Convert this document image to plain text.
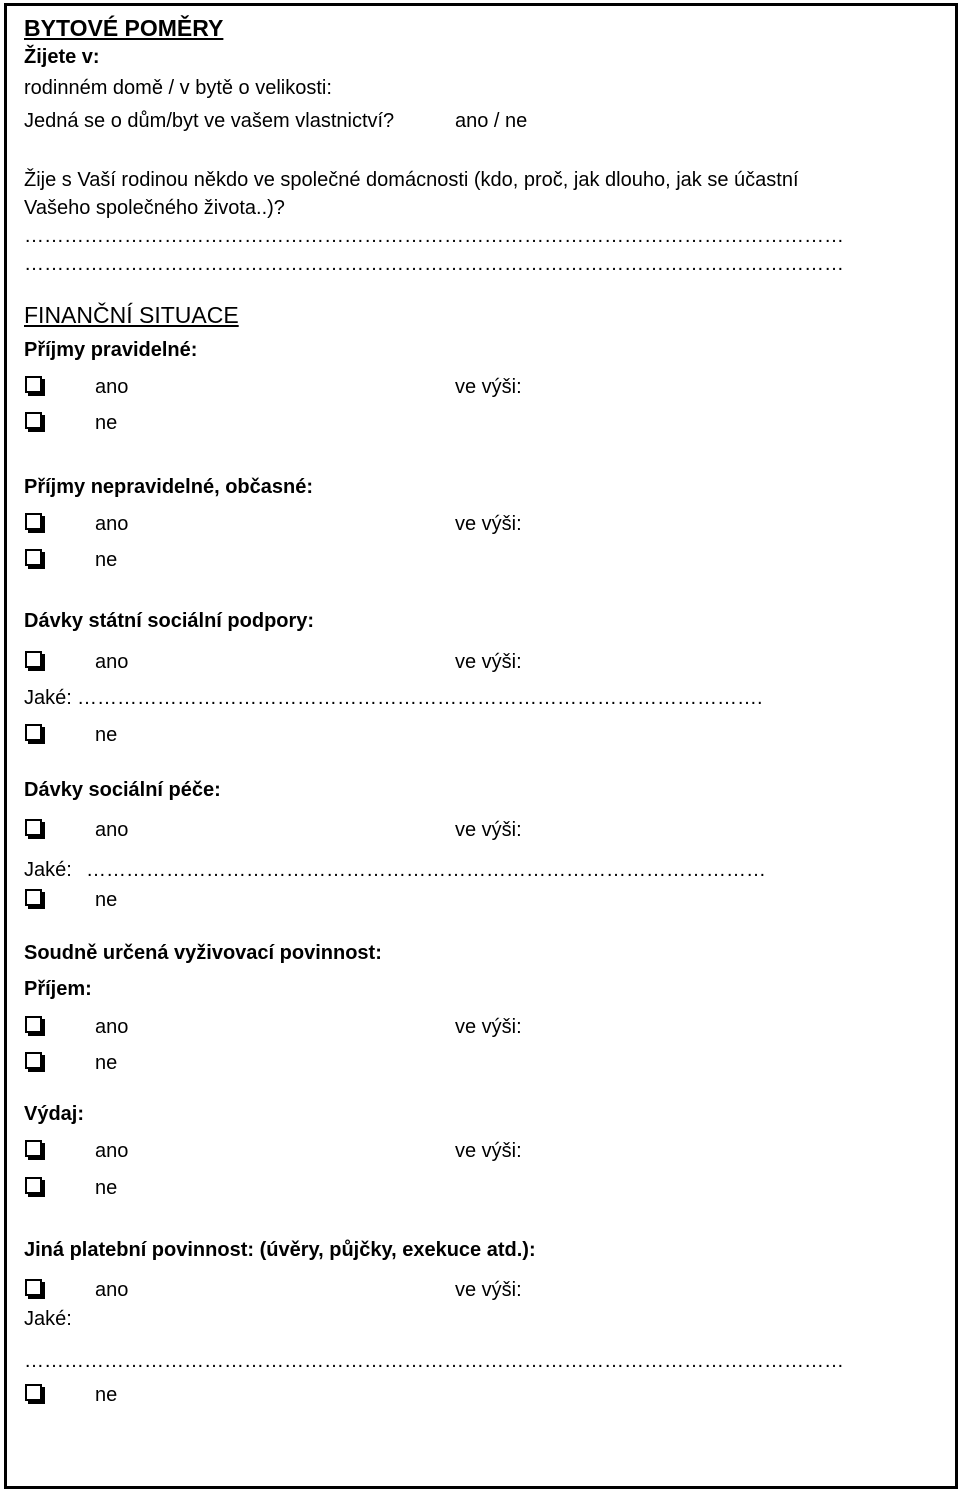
BYTOVÉ POMĚRY
Žijete v:
rodinném domě / v bytě o velikosti:
Jedná se o dům/byt ve vašem vlastnictví?	ano / ne
Žije s Vaší rodinou někdo ve společné domácnosti (kdo, proč, jak dlouho, jak se účastní
Vašeho společného života..)?
……………………………………………………………………………………………………………
……………………………………………………………………………………………………………
FINANČNÍ SITUACE
Příjmy pravidelné:
ano	ve výši:
ne
Příjmy nepravidelné, občasné:
ano	ve výši:
ne
Dávky státní sociální podpory:
ano	ve výši:
Jaké: ………………………………………………………………………………………….
ne
Dávky sociální péče:
ano	ve výši:
Jaké: …………………………………………………………………………………………
ne
Soudně určená vyživovací povinnost:
Příjem:
ano	ve výši:
ne
Výdaj:
ano	ve výši:
ne
Jiná platební povinnost: (úvěry, půjčky, exekuce atd.):
ano	ve výši:
Jaké:
……………………………………………………………………………………………………………
ne
